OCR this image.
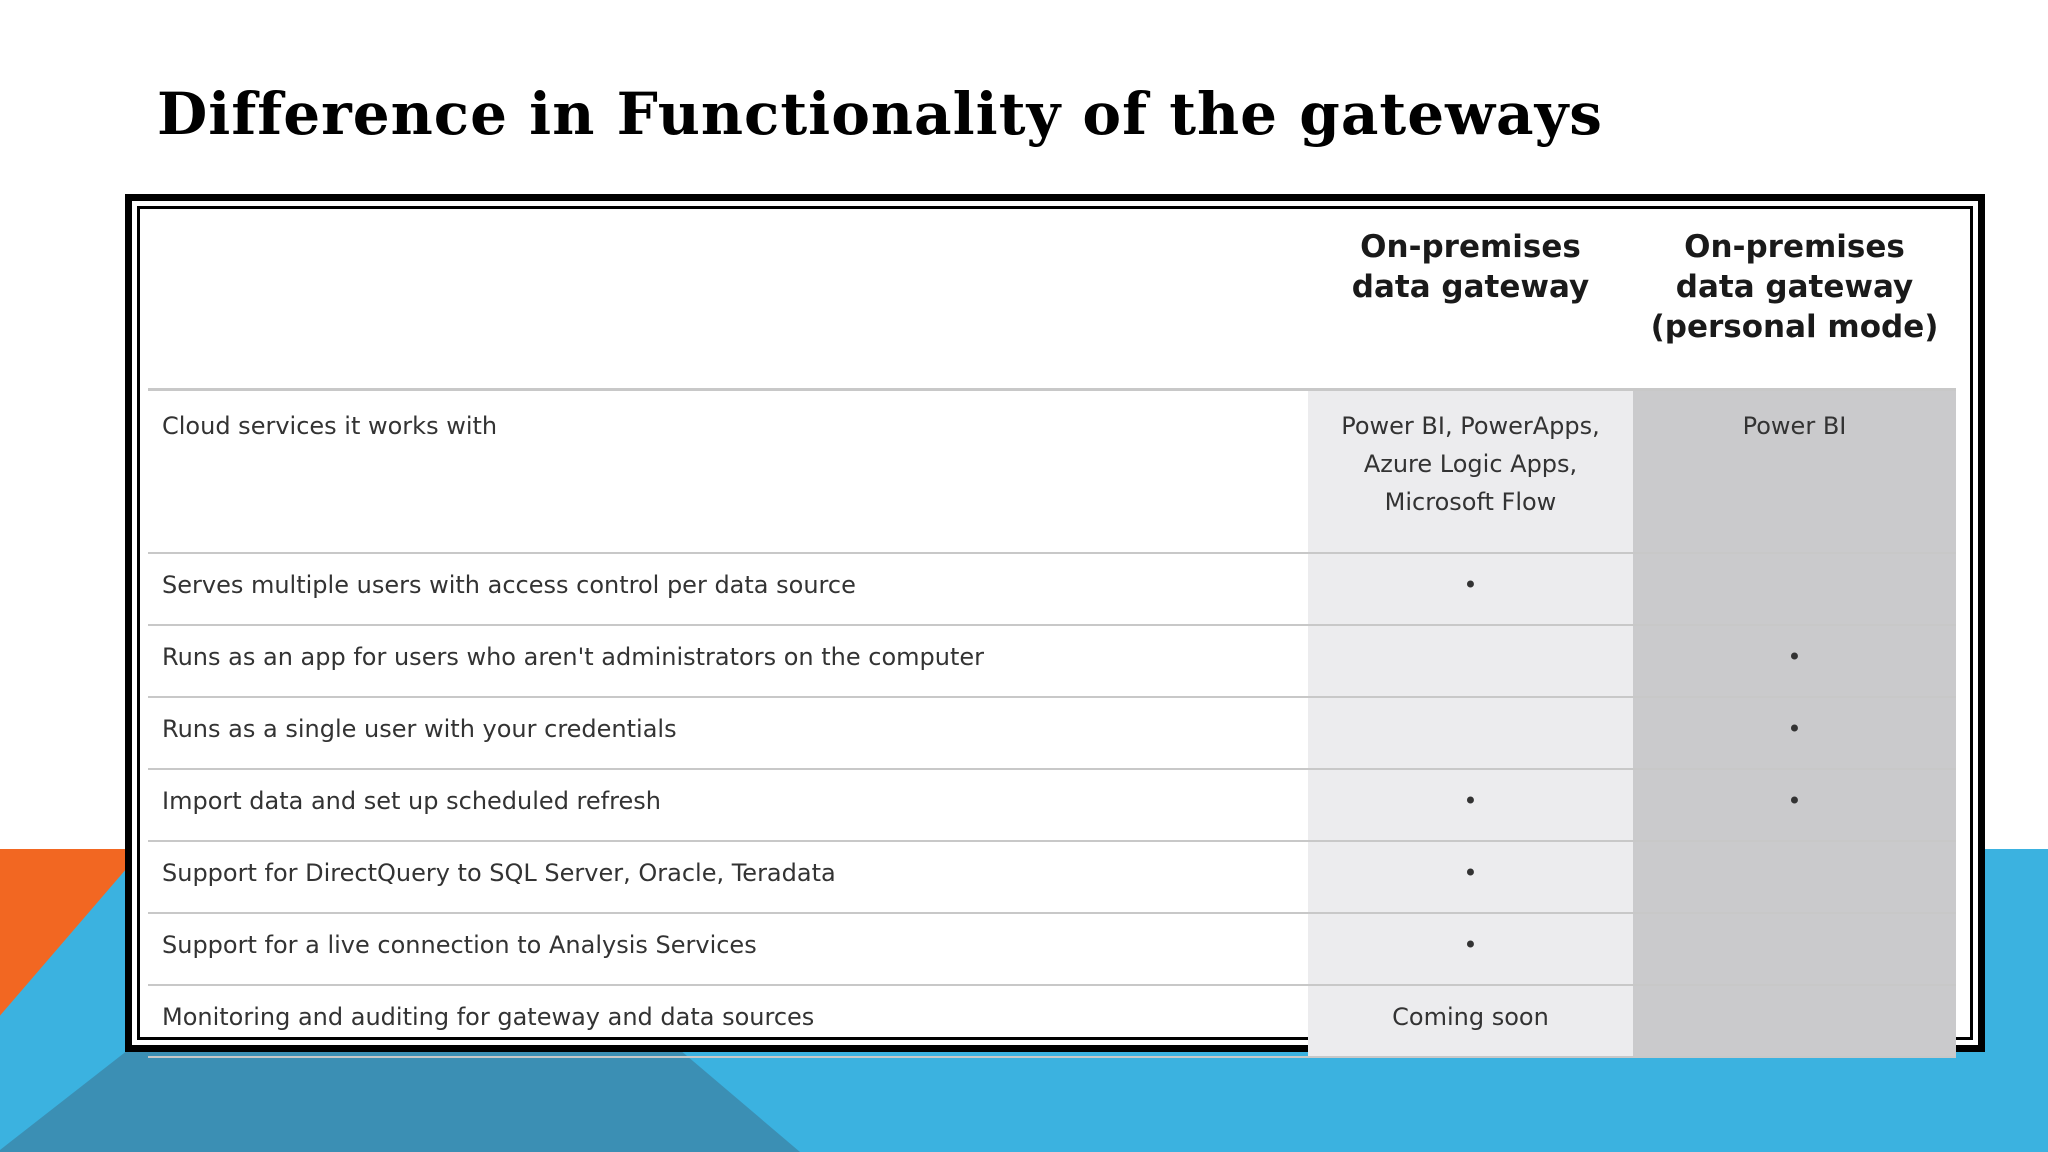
Difference in Functionality of the gateways
	On-premises data gateway	On-premises data gateway (personal mode)
Cloud services it works with	Power BI, PowerApps, Azure Logic Apps, Microsoft Flow	Power BI
Serves multiple users with access control per data source	•	
Runs as an app for users who aren't administrators on the computer		•
Runs as a single user with your credentials		•
Import data and set up scheduled refresh	•	•
Support for DirectQuery to SQL Server, Oracle, Teradata	•	
Support for a live connection to Analysis Services	•	
Monitoring and auditing for gateway and data sources	Coming soon	
